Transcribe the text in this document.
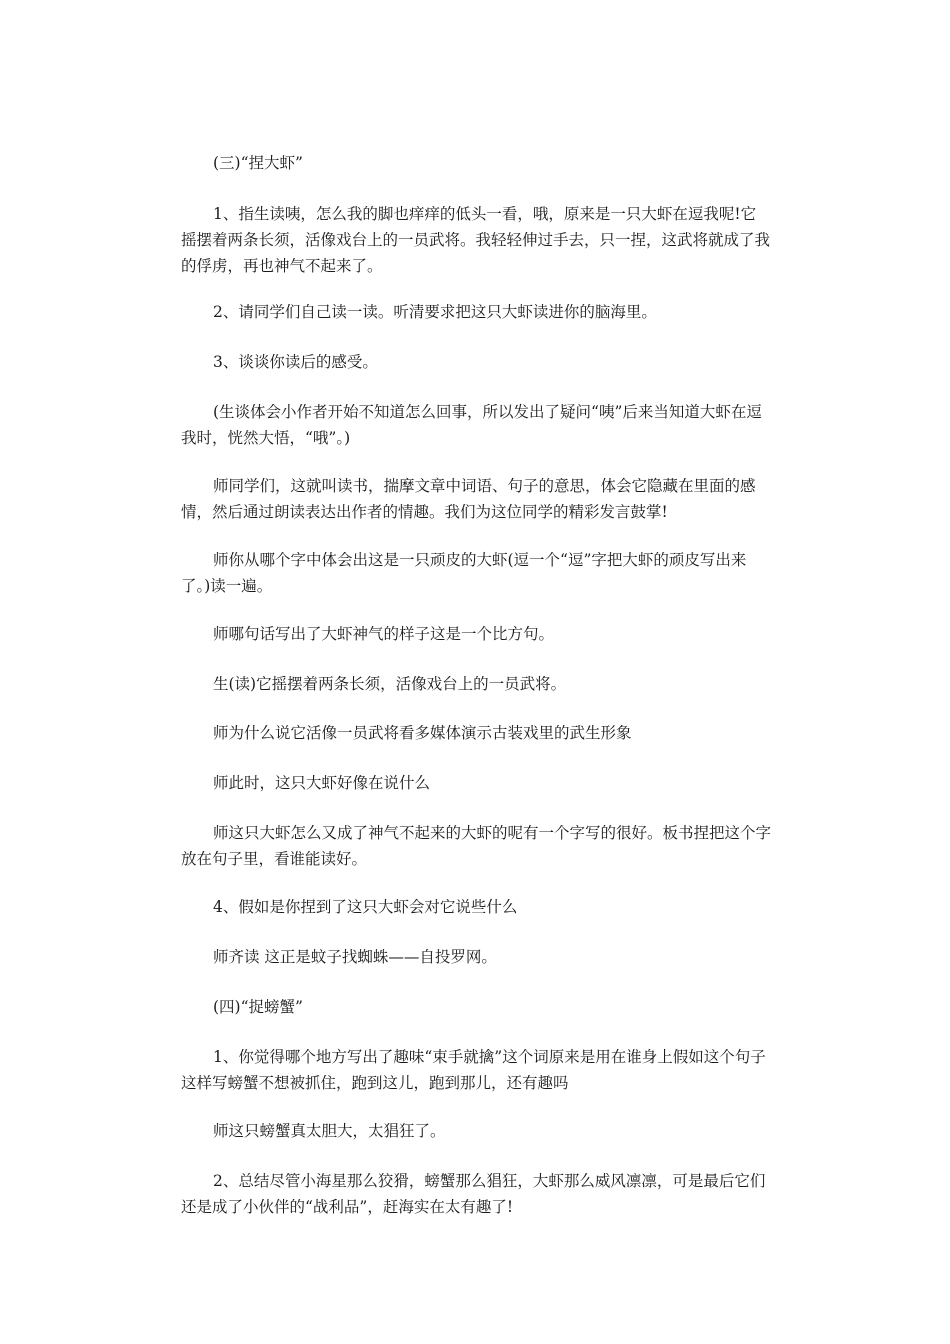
(三)“捏大虾”

1、指生读咦，怎么我的脚也痒痒的低头一看，哦，原来是一只大虾在逗我呢!它摇摆着两条长须，活像戏台上的一员武将。我轻轻伸过手去，只一捏，这武将就成了我的俘虏，再也神气不起来了。

2、请同学们自己读一读。听清要求把这只大虾读进你的脑海里。

3、谈谈你读后的感受。

(生谈体会小作者开始不知道怎么回事，所以发出了疑问“咦”后来当知道大虾在逗我时，恍然大悟，“哦”。)

师同学们，这就叫读书，揣摩文章中词语、句子的意思，体会它隐藏在里面的感情，然后通过朗读表达出作者的情趣。我们为这位同学的精彩发言鼓掌!

师你从哪个字中体会出这是一只顽皮的大虾(逗一个“逗”字把大虾的顽皮写出来了。)读一遍。

师哪句话写出了大虾神气的样子这是一个比方句。

生(读)它摇摆着两条长须，活像戏台上的一员武将。

师为什么说它活像一员武将看多媒体演示古装戏里的武生形象

师此时，这只大虾好像在说什么

师这只大虾怎么又成了神气不起来的大虾的呢有一个字写的很好。板书捏把这个字放在句子里，看谁能读好。

4、假如是你捏到了这只大虾会对它说些什么

师齐读 这正是蚊子找蜘蛛——自投罗网。

(四)“捉螃蟹”

1、你觉得哪个地方写出了趣味“束手就擒”这个词原来是用在谁身上假如这个句子这样写螃蟹不想被抓住，跑到这儿，跑到那儿，还有趣吗

师这只螃蟹真太胆大，太猖狂了。

2、总结尽管小海星那么狡猾，螃蟹那么猖狂，大虾那么威风凛凛，可是最后它们还是成了小伙伴的“战利品”，赶海实在太有趣了!
